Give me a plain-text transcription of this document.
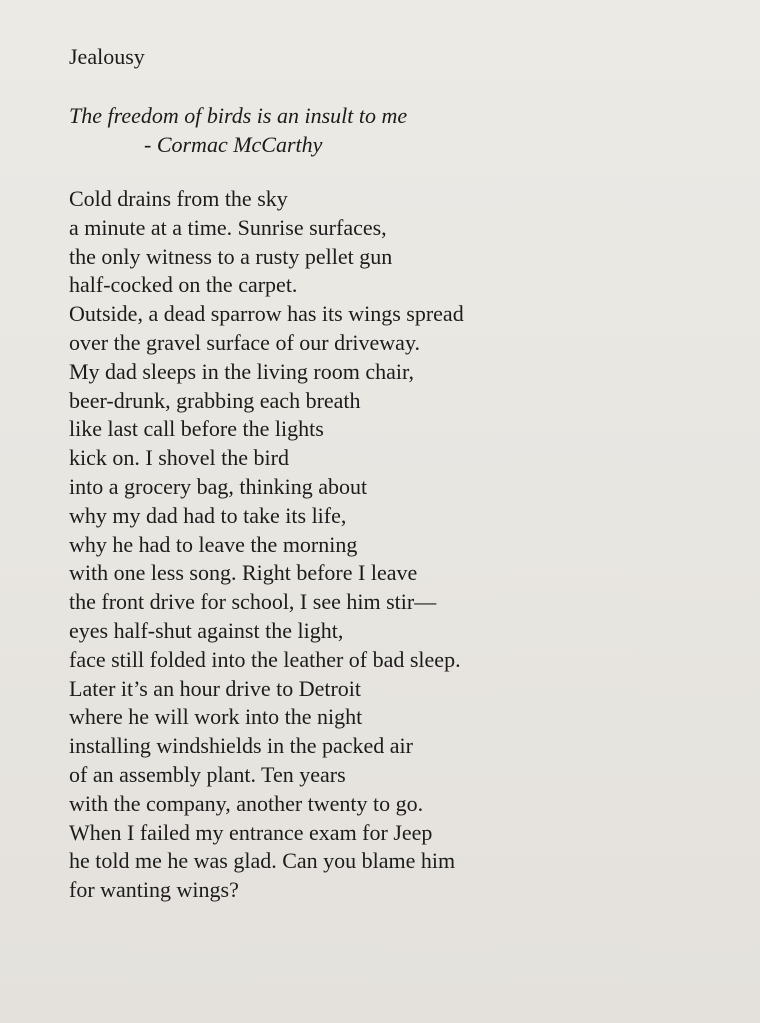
Jealousy
The freedom of birds is an insult to me
- Cormac McCarthy
Cold drains from the sky
a minute at a time. Sunrise surfaces,
the only witness to a rusty pellet gun
half-cocked on the carpet.
Outside, a dead sparrow has its wings spread
over the gravel surface of our driveway.
My dad sleeps in the living room chair,
beer-drunk, grabbing each breath
like last call before the lights
kick on. I shovel the bird
into a grocery bag, thinking about
why my dad had to take its life,
why he had to leave the morning
with one less song. Right before I leave
the front drive for school, I see him stir—
eyes half-shut against the light,
face still folded into the leather of bad sleep.
Later it’s an hour drive to Detroit
where he will work into the night
installing windshields in the packed air
of an assembly plant. Ten years
with the company, another twenty to go.
When I failed my entrance exam for Jeep
he told me he was glad. Can you blame him
for wanting wings?
